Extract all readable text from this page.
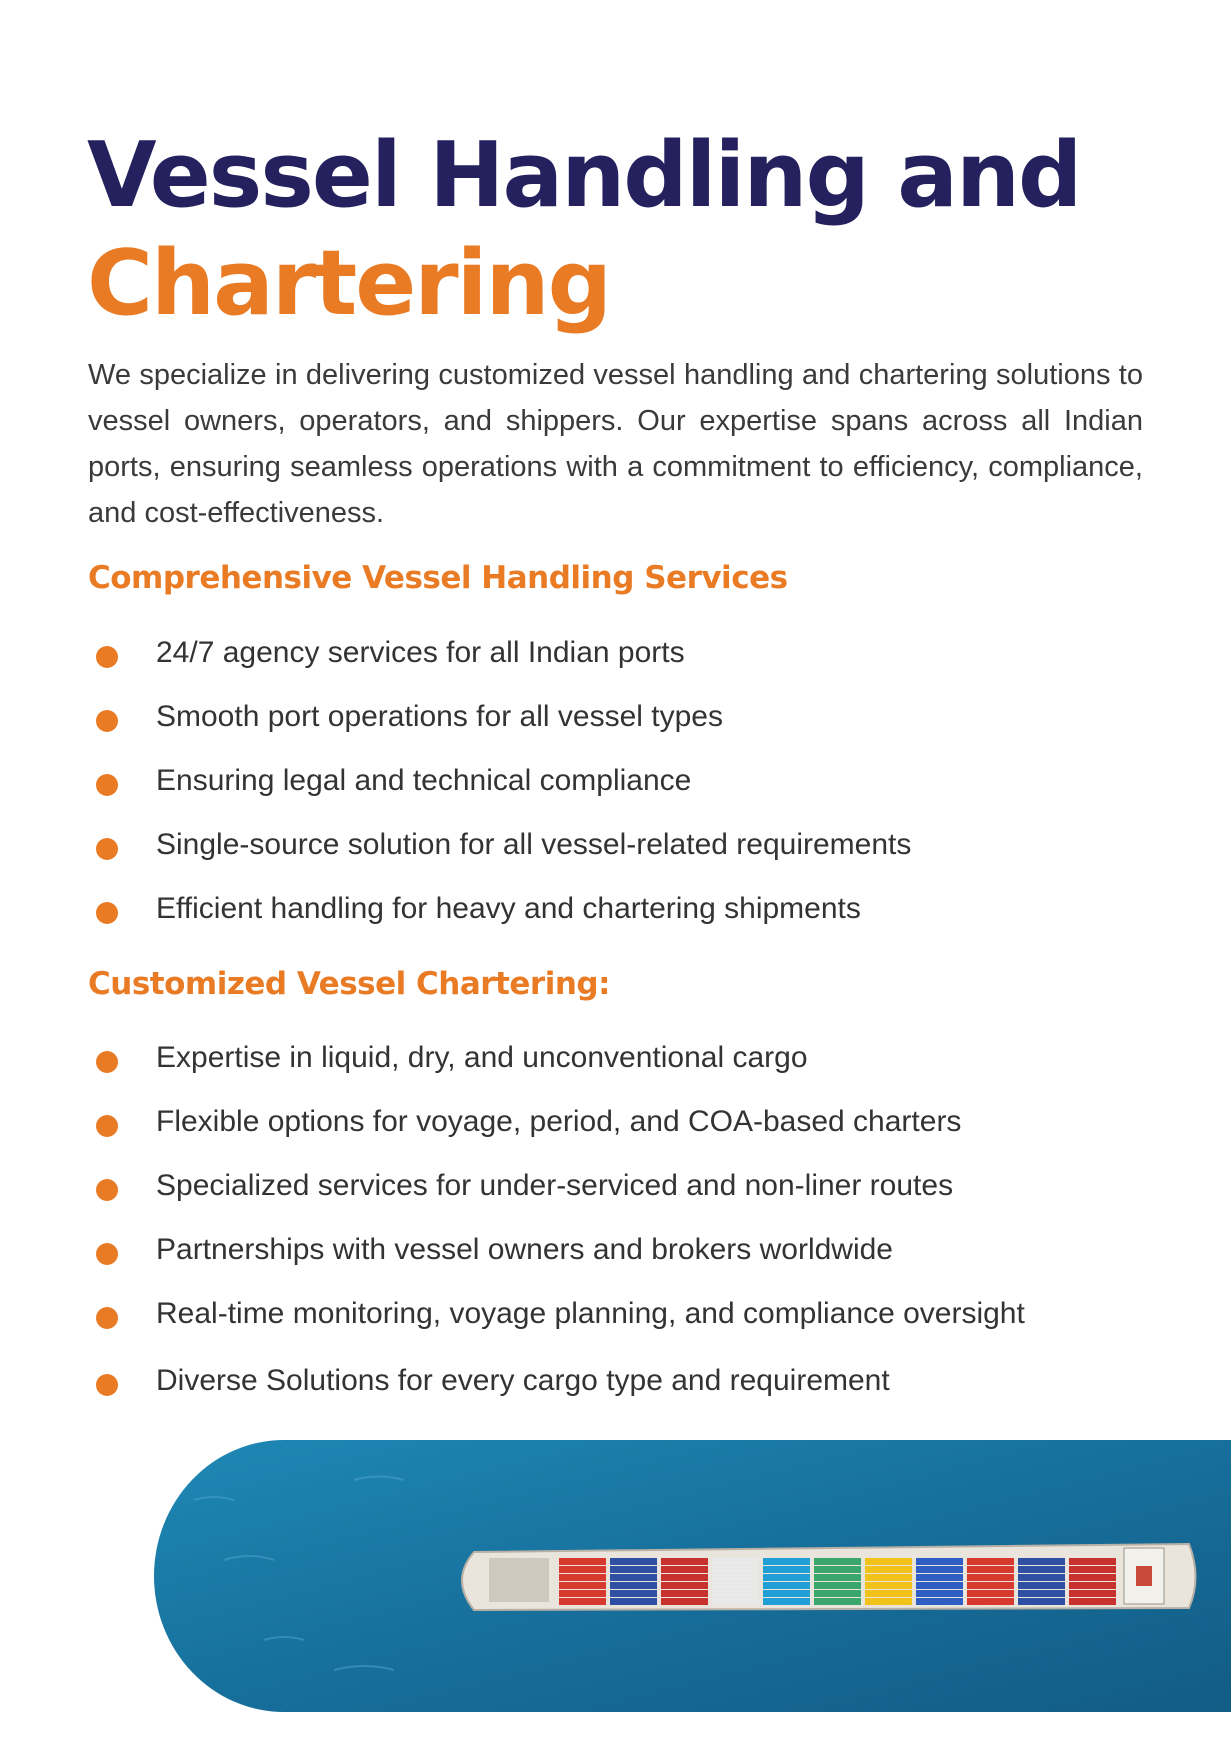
Vessel Handling and
Chartering

We specialize in delivering customized vessel handling and chartering solutions to vessel owners, operators, and shippers. Our expertise spans across all Indian ports, ensuring seamless operations with a commitment to efficiency, compliance, and cost-effectiveness.

Comprehensive Vessel Handling Services
24/7 agency services for all Indian ports
Smooth port operations for all vessel types
Ensuring legal and technical compliance
Single-source solution for all vessel-related requirements
Efficient handling for heavy and chartering shipments
Customized Vessel Chartering:
Expertise in liquid, dry, and unconventional cargo
Flexible options for voyage, period, and COA-based charters
Specialized services for under-serviced and non-liner routes
Partnerships with vessel owners and brokers worldwide
Real-time monitoring, voyage planning, and compliance oversight
Diverse Solutions for every cargo type and requirement
